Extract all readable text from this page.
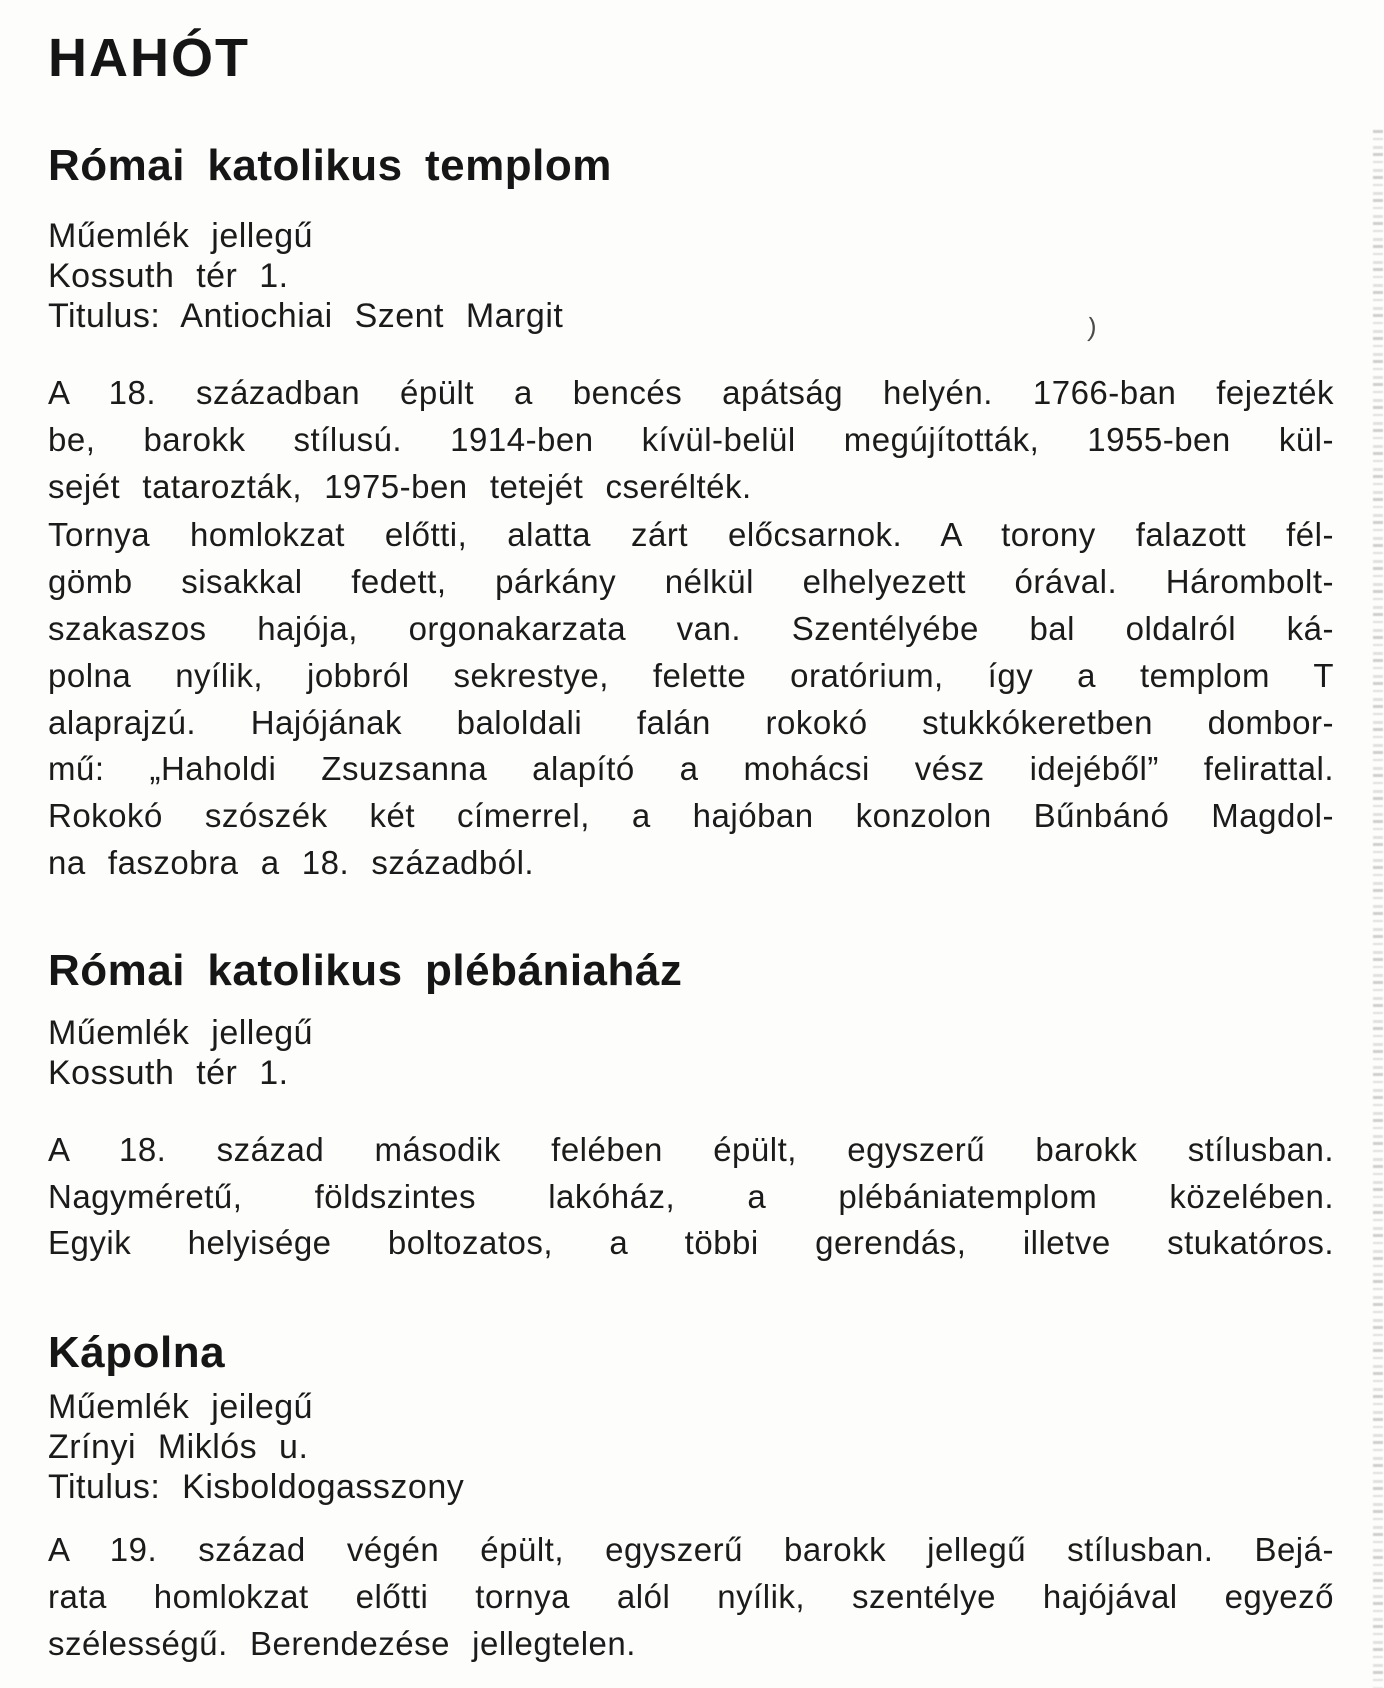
HAHÓT
Római katolikus templom
Műemlék jellegű
Kossuth tér 1.
Titulus: Antiochiai Szent Margit
A 18. században épült a bencés apátság helyén. 1766-ban fejezték
be, barokk stílusú. 1914-ben kívül-belül megújították, 1955-ben kül-
sejét tatarozták, 1975-ben tetejét cserélték.
Tornya homlokzat előtti, alatta zárt előcsarnok. A torony falazott fél-
gömb sisakkal fedett, párkány nélkül elhelyezett órával. Hárombolt-
szakaszos hajója, orgonakarzata van. Szentélyébe bal oldalról ká-
polna nyílik, jobbról sekrestye, felette oratórium, így a templom T
alaprajzú. Hajójának baloldali falán rokokó stukkókeretben dombor-
mű: „Haholdi Zsuzsanna alapító a mohácsi vész idejéből” felirattal.
Rokokó szószék két címerrel, a hajóban konzolon Bűnbánó Magdol-
na faszobra a 18. századból.
Római katolikus plébániaház
Műemlék jellegű
Kossuth tér 1.
A 18. század második felében épült, egyszerű barokk stílusban.
Nagyméretű, földszintes lakóház, a plébániatemplom közelében.
Egyik helyisége boltozatos, a többi gerendás, illetve stukatóros.
Kápolna
Műemlék jeilegű
Zrínyi Miklós u.
Titulus: Kisboldogasszony
A 19. század végén épült, egyszerű barokk jellegű stílusban. Bejá-
rata homlokzat előtti tornya alól nyílik, szentélye hajójával egyező
szélességű. Berendezése jellegtelen.
)
